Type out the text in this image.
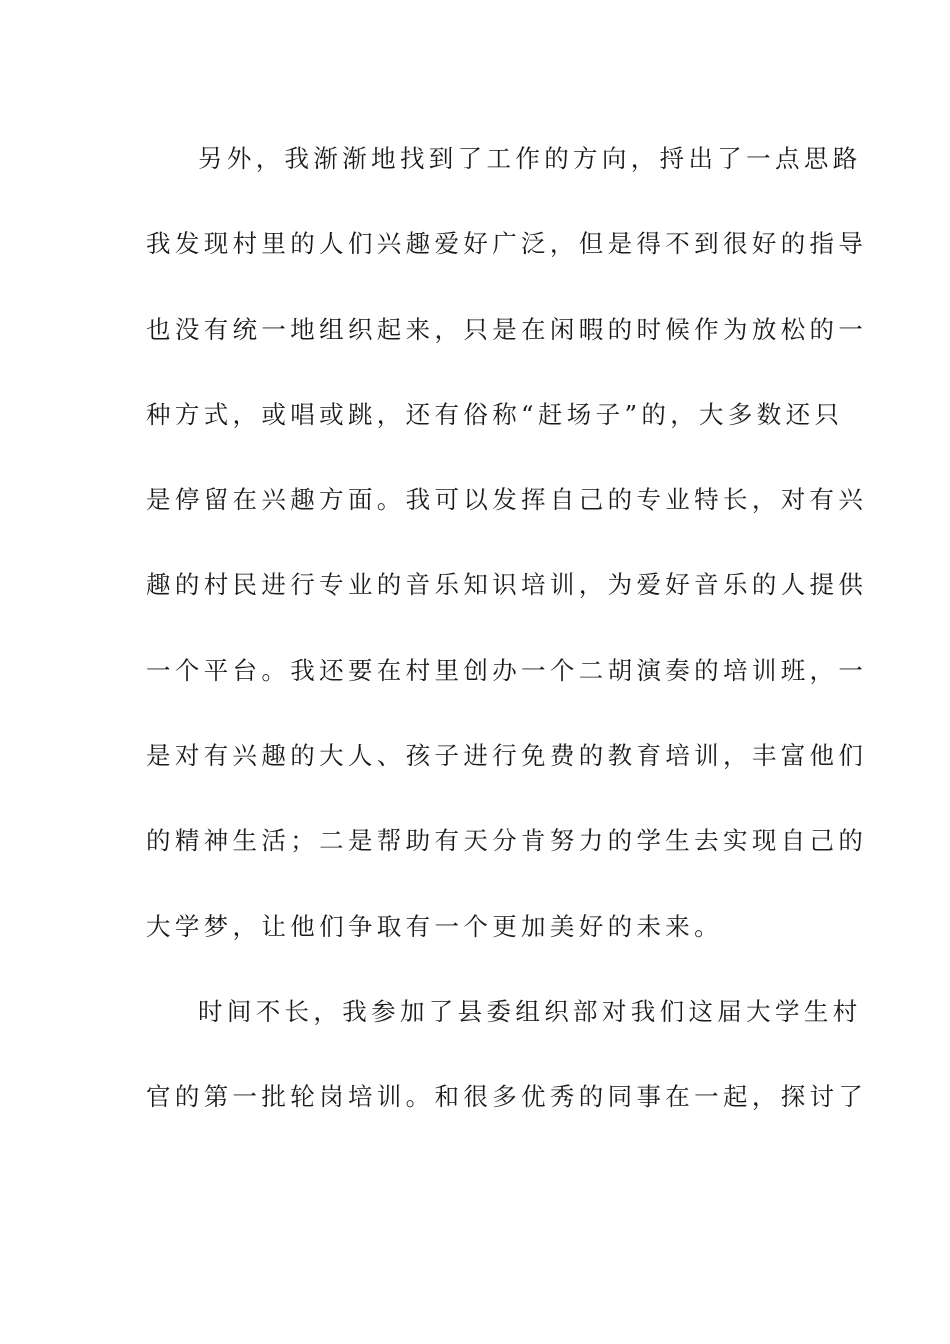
另外，我渐渐地找到了工作的方向，捋出了一点思路
我发现村里的人们兴趣爱好广泛，但是得不到很好的指导
也没有统一地组织起来，只是在闲暇的时候作为放松的一
种方式，或唱或跳，还有俗称“赶场子”的，大多数还只
是停留在兴趣方面。我可以发挥自己的专业特长，对有兴
趣的村民进行专业的音乐知识培训，为爱好音乐的人提供
一个平台。我还要在村里创办一个二胡演奏的培训班，一
是对有兴趣的大人、孩子进行免费的教育培训，丰富他们
的精神生活；二是帮助有天分肯努力的学生去实现自己的
大学梦，让他们争取有一个更加美好的未来。
时间不长，我参加了县委组织部对我们这届大学生村
官的第一批轮岗培训。和很多优秀的同事在一起，探讨了
